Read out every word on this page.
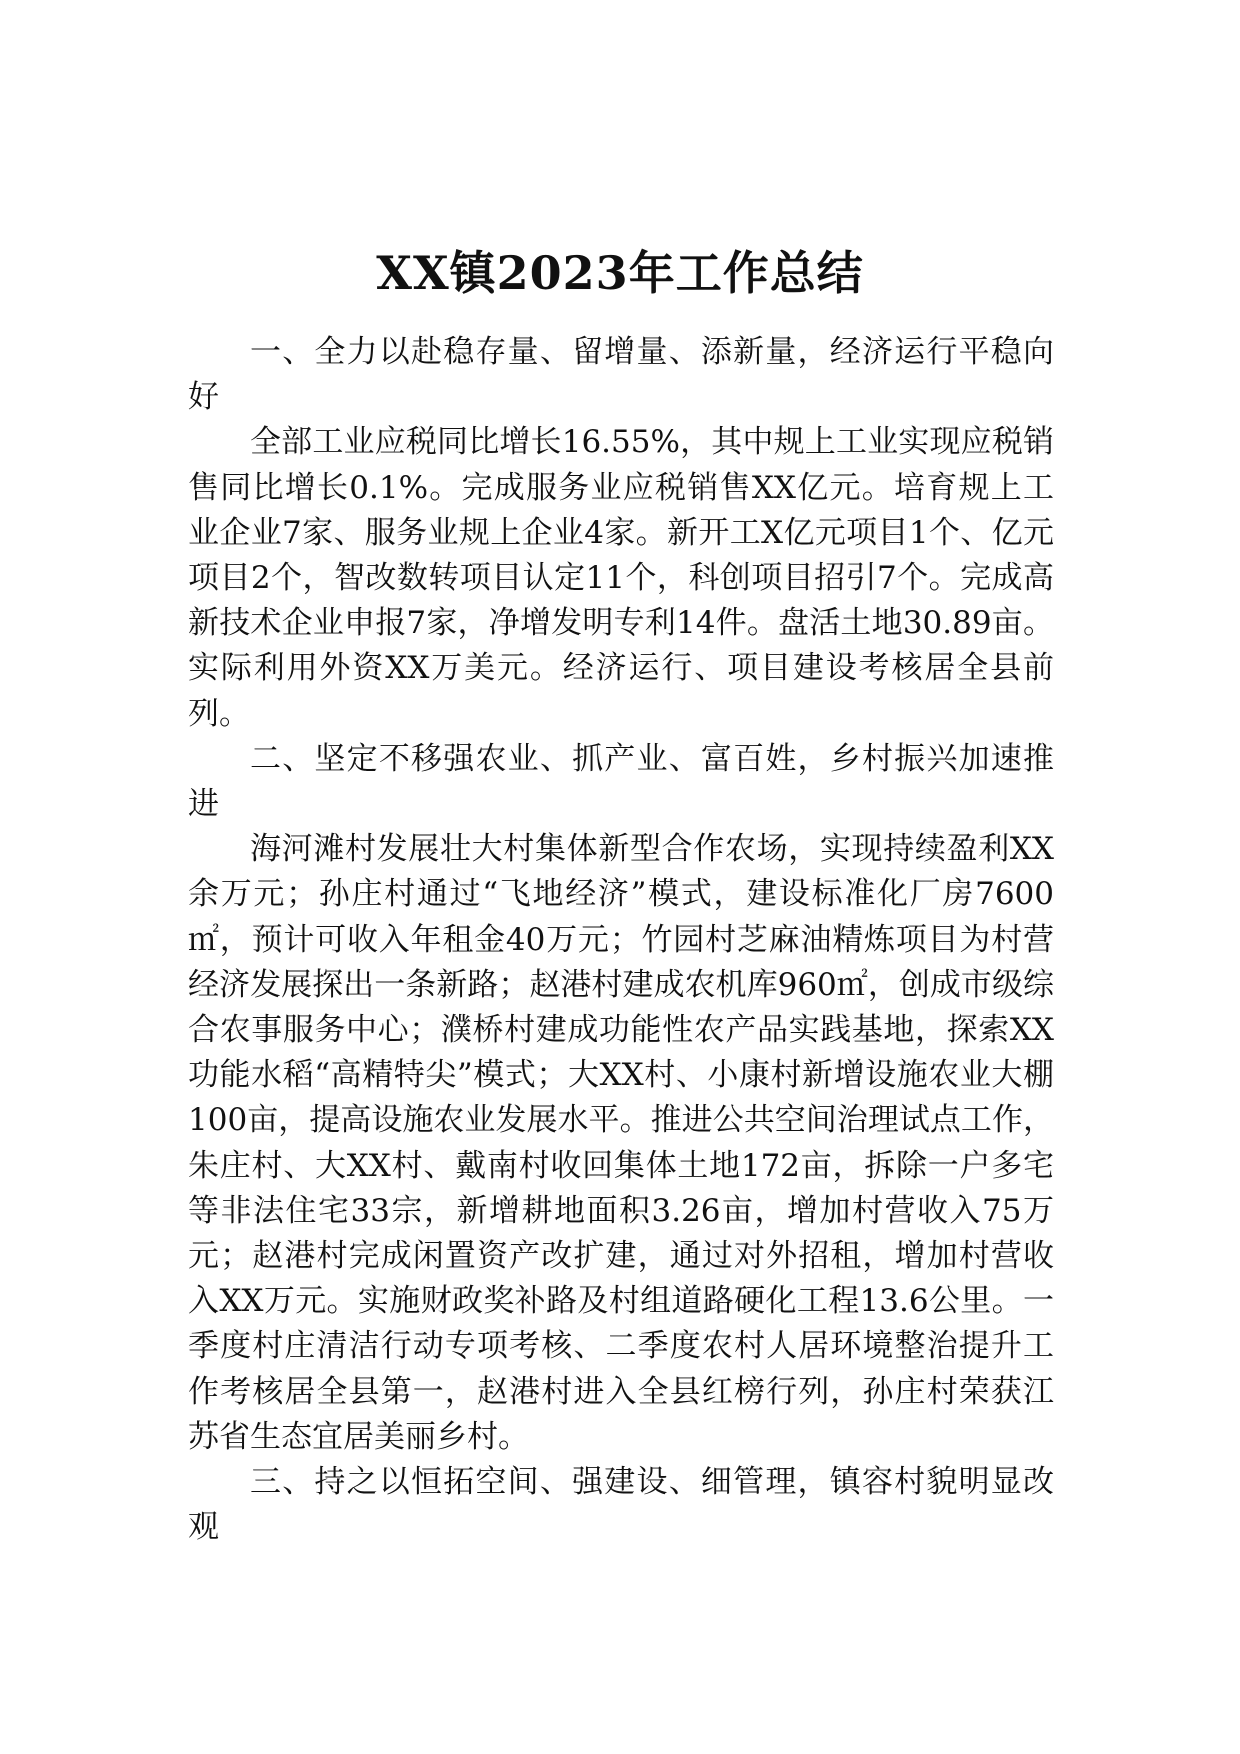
XX镇2023年工作总结

一、全力以赴稳存量、留增量、添新量，经济运行平稳向好

全部工业应税同比增长16.55%，其中规上工业实现应税销售同比增长0.1%。完成服务业应税销售XX亿元。培育规上工业企业7家、服务业规上企业4家。新开工X亿元项目1个、亿元项目2个，智改数转项目认定11个，科创项目招引7个。完成高新技术企业申报7家，净增发明专利14件。盘活土地30.89亩。实际利用外资XX万美元。经济运行、项目建设考核居全县前列。

二、坚定不移强农业、抓产业、富百姓，乡村振兴加速推进

海河滩村发展壮大村集体新型合作农场，实现持续盈利XX余万元；孙庄村通过“飞地经济”模式，建设标准化厂房7600㎡，预计可收入年租金40万元；竹园村芝麻油精炼项目为村营经济发展探出一条新路；赵港村建成农机库960㎡，创成市级综合农事服务中心；濮桥村建成功能性农产品实践基地，探索XX功能水稻“高精特尖”模式；大XX村、小康村新增设施农业大棚100亩，提高设施农业发展水平。推进公共空间治理试点工作，朱庄村、大XX村、戴南村收回集体土地172亩，拆除一户多宅等非法住宅33宗，新增耕地面积3.26亩，增加村营收入75万元；赵港村完成闲置资产改扩建，通过对外招租，增加村营收入XX万元。实施财政奖补路及村组道路硬化工程13.6公里。一季度村庄清洁行动专项考核、二季度农村人居环境整治提升工作考核居全县第一，赵港村进入全县红榜行列，孙庄村荣获江苏省生态宜居美丽乡村。

三、持之以恒拓空间、强建设、细管理，镇容村貌明显改观
